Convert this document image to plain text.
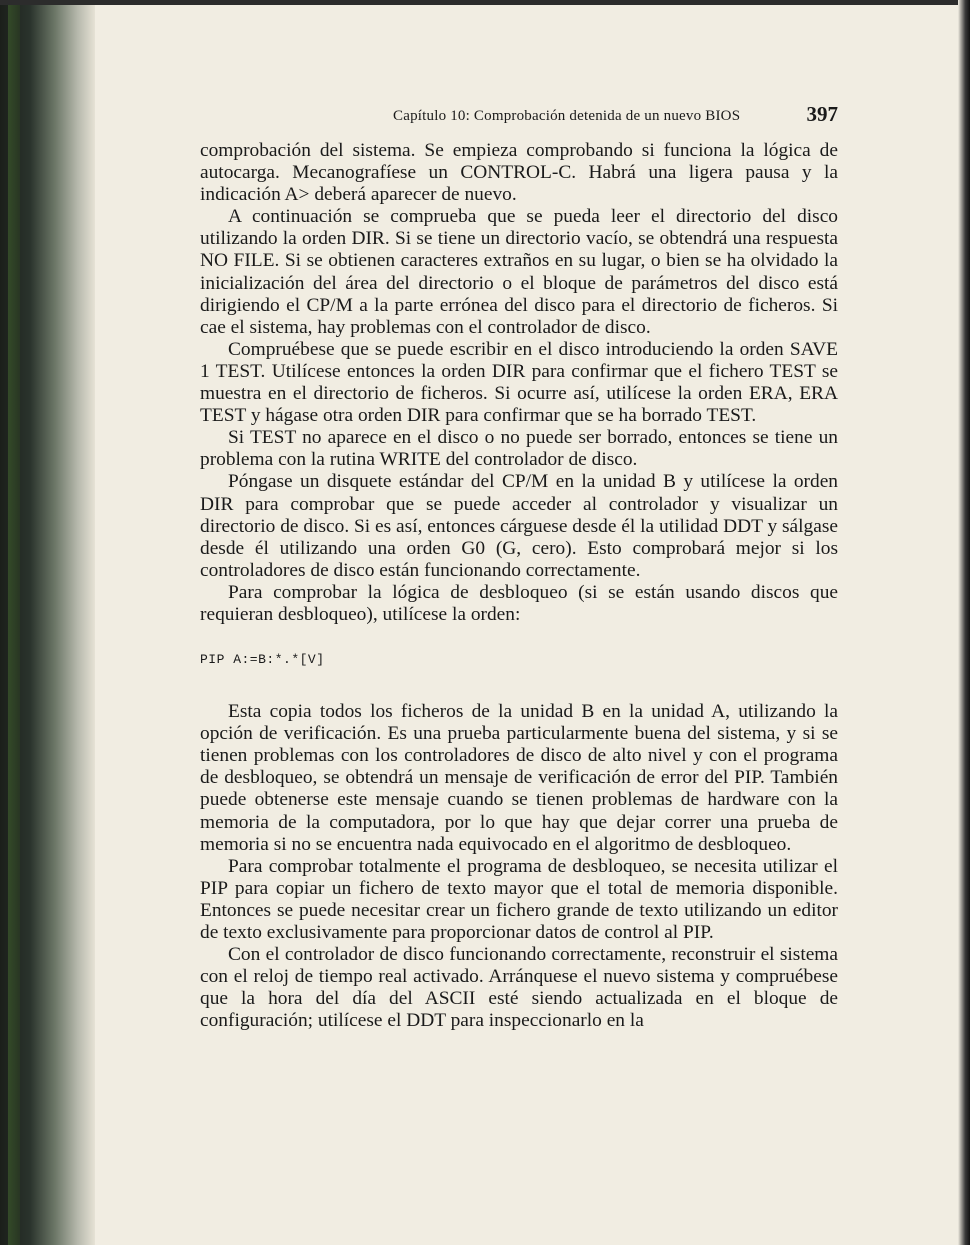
Capítulo 10: Comprobación detenida de un nuevo BIOS	397

comprobación del sistema. Se empieza comprobando si funciona la lógica de autocarga. Mecanografíese un CONTROL-C. Habrá una ligera pausa y la indicación A> deberá aparecer de nuevo.

A continuación se comprueba que se pueda leer el directorio del disco utilizando la orden DIR. Si se tiene un directorio vacío, se obtendrá una respuesta NO FILE. Si se obtienen caracteres extraños en su lugar, o bien se ha olvidado la inicialización del área del directorio o el bloque de parámetros del disco está dirigiendo el CP/M a la parte errónea del disco para el directorio de ficheros. Si cae el sistema, hay problemas con el controlador de disco.

Compruébese que se puede escribir en el disco introduciendo la orden SAVE 1 TEST. Utilícese entonces la orden DIR para confirmar que el fichero TEST se muestra en el directorio de ficheros. Si ocurre así, utilícese la orden ERA, ERA TEST y hágase otra orden DIR para confirmar que se ha borrado TEST.

Si TEST no aparece en el disco o no puede ser borrado, entonces se tiene un problema con la rutina WRITE del controlador de disco.

Póngase un disquete estándar del CP/M en la unidad B y utilícese la orden DIR para comprobar que se puede acceder al controlador y visualizar un directorio de disco. Si es así, entonces cárguese desde él la utilidad DDT y sálgase desde él utilizando una orden G0 (G, cero). Esto comprobará mejor si los controladores de disco están funcionando correctamente.

Para comprobar la lógica de desbloqueo (si se están usando discos que requieran desbloqueo), utilícese la orden:

PIP A:=B:*.*[V]

Esta copia todos los ficheros de la unidad B en la unidad A, utilizando la opción de verificación. Es una prueba particularmente buena del sistema, y si se tienen problemas con los controladores de disco de alto nivel y con el programa de desbloqueo, se obtendrá un mensaje de verificación de error del PIP. También puede obtenerse este mensaje cuando se tienen problemas de hardware con la memoria de la computadora, por lo que hay que dejar correr una prueba de memoria si no se encuentra nada equivocado en el algoritmo de desbloqueo.

Para comprobar totalmente el programa de desbloqueo, se necesita utilizar el PIP para copiar un fichero de texto mayor que el total de memoria disponible. Entonces se puede necesitar crear un fichero grande de texto utilizando un editor de texto exclusivamente para proporcionar datos de control al PIP.

Con el controlador de disco funcionando correctamente, reconstruir el sistema con el reloj de tiempo real activado. Arránquese el nuevo sistema y compruébese que la hora del día del ASCII esté siendo actualizada en el bloque de configuración; utilícese el DDT para inspeccionarlo en la
